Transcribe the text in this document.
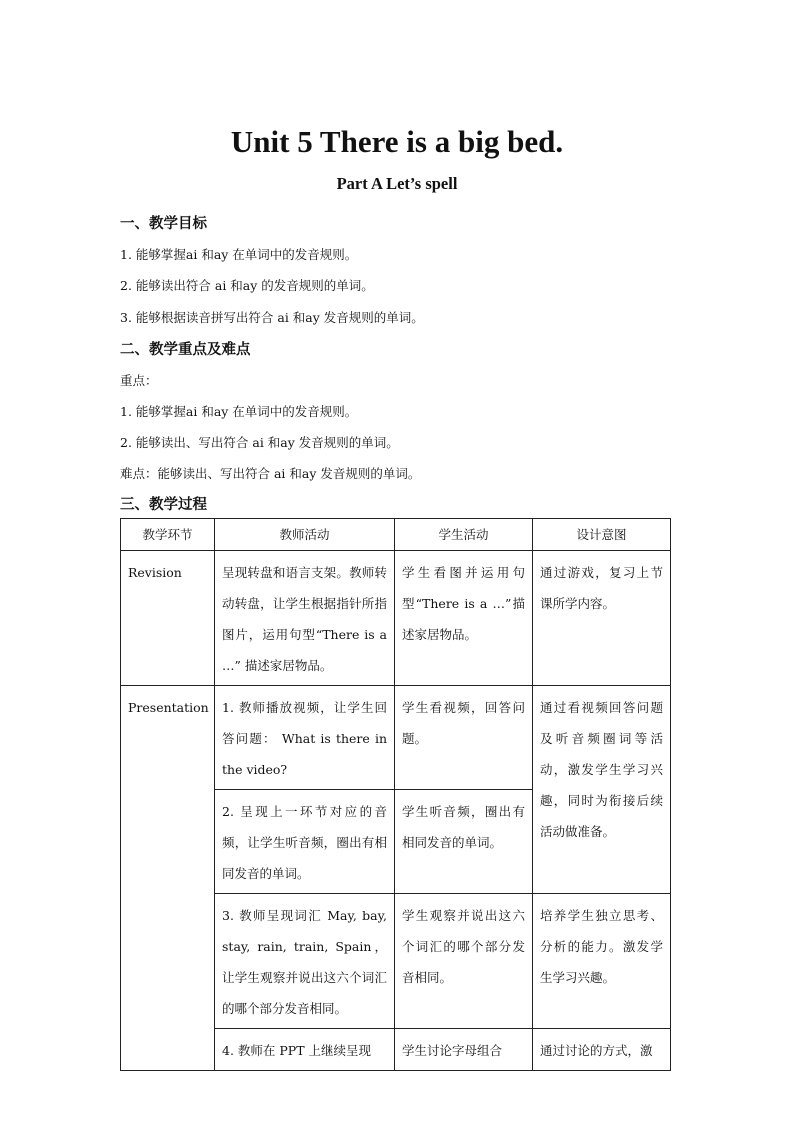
Unit 5 There is a big bed.
Part A Let’s spell
一、教学目标
1. 能够掌握ai 和ay 在单词中的发音规则。
2. 能够读出符合 ai 和ay 的发音规则的单词。
3. 能够根据读音拼写出符合 ai 和ay 发音规则的单词。
二、教学重点及难点
重点：
1. 能够掌握ai 和ay 在单词中的发音规则。
2. 能够读出、写出符合 ai 和ay 发音规则的单词。
难点：能够读出、写出符合 ai 和ay 发音规则的单词。
三、教学过程
教学环节	教师活动	学生活动	设计意图
Revision	呈现转盘和语言支架。教师转动转盘，让学生根据指针所指图片，运用句型“There is a …” 描述家居物品。	学生看图并运用句型“There is a …”描述家居物品。	通过游戏，复习上节课所学内容。
Presentation	1. 教师播放视频，让学生回答问题： What is there in the video?	学生看视频，回答问题。	通过看视频回答问题及听音频圈词等活动，激发学生学习兴趣，同时为衔接后续活动做准备。
	2. 呈现上一环节对应的音频，让学生听音频，圈出有相同发音的单词。	学生听音频，圈出有相同发音的单词。	
	3. 教师呈现词汇 May, bay, stay, rain, train, Spain，让学生观察并说出这六个词汇的哪个部分发音相同。	学生观察并说出这六个词汇的哪个部分发音相同。	培养学生独立思考、分析的能力。激发学生学习兴趣。
	4. 教师在 PPT 上继续呈现	学生讨论字母组合	通过讨论的方式，激
